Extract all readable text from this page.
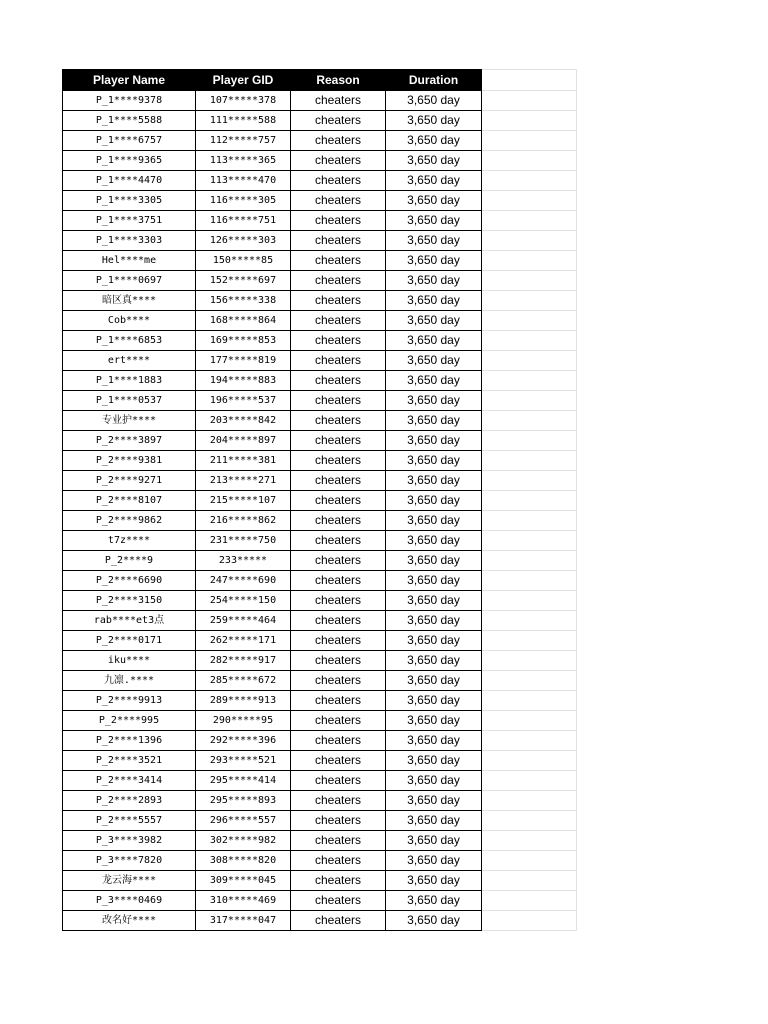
Player Name	Player GID	Reason	Duration	
P_1****9378	107*****378	cheaters	3,650 day	
P_1****5588	111*****588	cheaters	3,650 day	
P_1****6757	112*****757	cheaters	3,650 day	
P_1****9365	113*****365	cheaters	3,650 day	
P_1****4470	113*****470	cheaters	3,650 day	
P_1****3305	116*****305	cheaters	3,650 day	
P_1****3751	116*****751	cheaters	3,650 day	
P_1****3303	126*****303	cheaters	3,650 day	
Hel****me	150*****85	cheaters	3,650 day	
P_1****0697	152*****697	cheaters	3,650 day	
暗区真****	156*****338	cheaters	3,650 day	
Cob****	168*****864	cheaters	3,650 day	
P_1****6853	169*****853	cheaters	3,650 day	
ert****	177*****819	cheaters	3,650 day	
P_1****1883	194*****883	cheaters	3,650 day	
P_1****0537	196*****537	cheaters	3,650 day	
专业护****	203*****842	cheaters	3,650 day	
P_2****3897	204*****897	cheaters	3,650 day	
P_2****9381	211*****381	cheaters	3,650 day	
P_2****9271	213*****271	cheaters	3,650 day	
P_2****8107	215*****107	cheaters	3,650 day	
P_2****9862	216*****862	cheaters	3,650 day	
t7z****	231*****750	cheaters	3,650 day	
P_2****9	233*****	cheaters	3,650 day	
P_2****6690	247*****690	cheaters	3,650 day	
P_2****3150	254*****150	cheaters	3,650 day	
rab****et3点	259*****464	cheaters	3,650 day	
P_2****0171	262*****171	cheaters	3,650 day	
iku****	282*****917	cheaters	3,650 day	
九凛.****	285*****672	cheaters	3,650 day	
P_2****9913	289*****913	cheaters	3,650 day	
P_2****995	290*****95	cheaters	3,650 day	
P_2****1396	292*****396	cheaters	3,650 day	
P_2****3521	293*****521	cheaters	3,650 day	
P_2****3414	295*****414	cheaters	3,650 day	
P_2****2893	295*****893	cheaters	3,650 day	
P_2****5557	296*****557	cheaters	3,650 day	
P_3****3982	302*****982	cheaters	3,650 day	
P_3****7820	308*****820	cheaters	3,650 day	
龙云海****	309*****045	cheaters	3,650 day	
P_3****0469	310*****469	cheaters	3,650 day	
改名好****	317*****047	cheaters	3,650 day	
